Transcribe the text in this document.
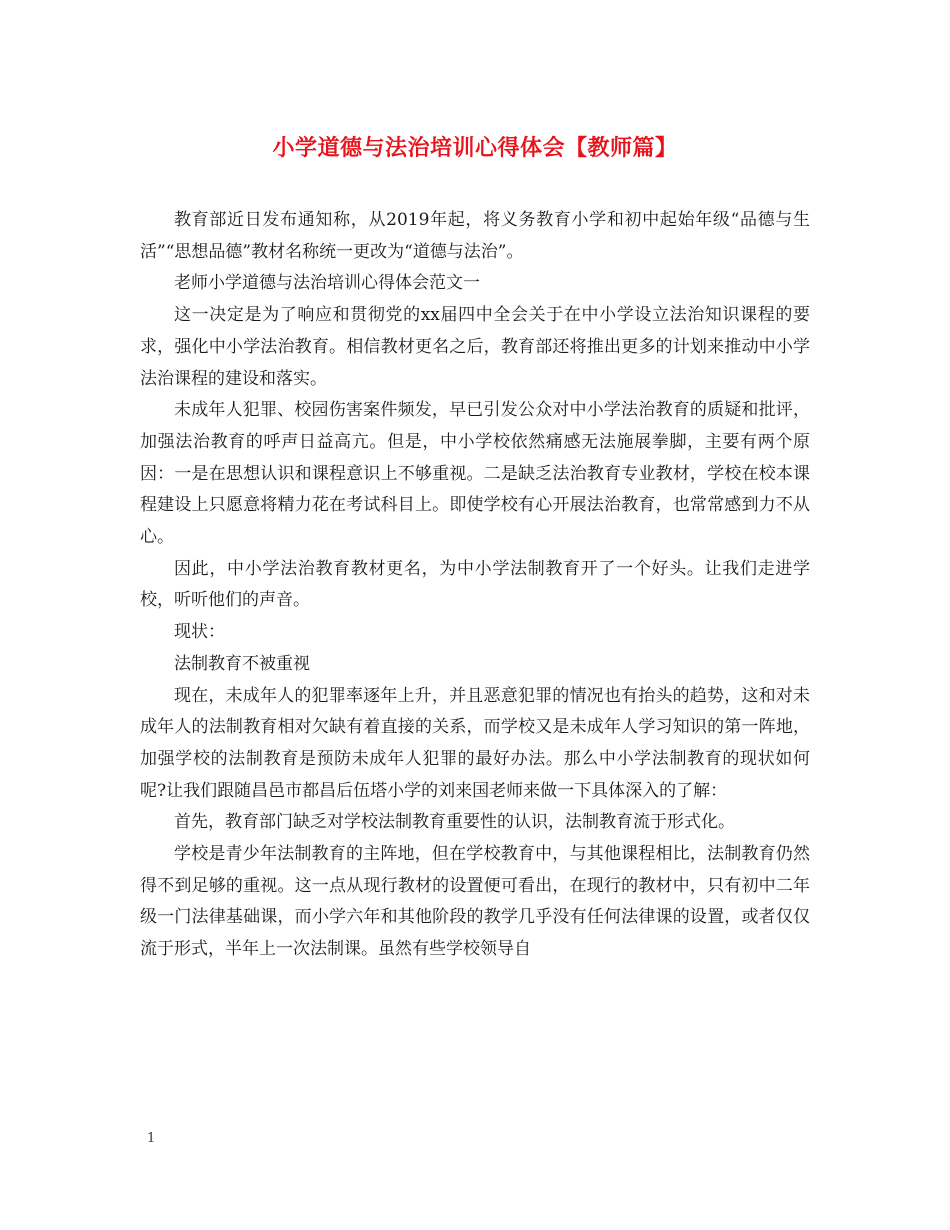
小学道德与法治培训心得体会【教师篇】

教育部近日发布通知称，从2019年起，将义务教育小学和初中起始年级“品德与生活”“思想品德”教材名称统一更改为“道德与法治”。

老师小学道德与法治培训心得体会范文一

这一决定是为了响应和贯彻党的xx届四中全会关于在中小学设立法治知识课程的要求，强化中小学法治教育。相信教材更名之后，教育部还将推出更多的计划来推动中小学法治课程的建设和落实。

未成年人犯罪、校园伤害案件频发，早已引发公众对中小学法治教育的质疑和批评，加强法治教育的呼声日益高亢。但是，中小学校依然痛感无法施展拳脚，主要有两个原因：一是在思想认识和课程意识上不够重视。二是缺乏法治教育专业教材，学校在校本课程建设上只愿意将精力花在考试科目上。即使学校有心开展法治教育，也常常感到力不从心。

因此，中小学法治教育教材更名，为中小学法制教育开了一个好头。让我们走进学校，听听他们的声音。

现状：

法制教育不被重视

现在，未成年人的犯罪率逐年上升，并且恶意犯罪的情况也有抬头的趋势，这和对未成年人的法制教育相对欠缺有着直接的关系，而学校又是未成年人学习知识的第一阵地，加强学校的法制教育是预防未成年人犯罪的最好办法。那么中小学法制教育的现状如何呢?让我们跟随昌邑市都昌后伍塔小学的刘来国老师来做一下具体深入的了解：

首先，教育部门缺乏对学校法制教育重要性的认识，法制教育流于形式化。

学校是青少年法制教育的主阵地，但在学校教育中，与其他课程相比，法制教育仍然得不到足够的重视。这一点从现行教材的设置便可看出，在现行的教材中，只有初中二年级一门法律基础课，而小学六年和其他阶段的教学几乎没有任何法律课的设置，或者仅仅流于形式，半年上一次法制课。虽然有些学校领导自

1
